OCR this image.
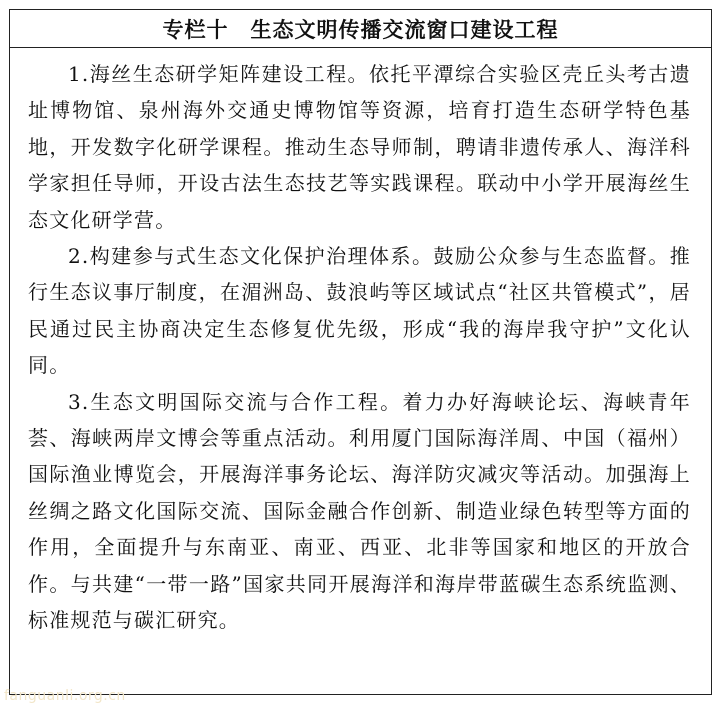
专栏十　生态文明传播交流窗口建设工程

1.海丝生态研学矩阵建设工程。依托平潭综合实验区壳丘头考古遗址博物馆、泉州海外交通史博物馆等资源，培育打造生态研学特色基地，开发数字化研学课程。推动生态导师制，聘请非遗传承人、海洋科学家担任导师，开设古法生态技艺等实践课程。联动中小学开展海丝生态文化研学营。

2.构建参与式生态文化保护治理体系。鼓励公众参与生态监督。推行生态议事厅制度，在湄洲岛、鼓浪屿等区域试点“社区共管模式”，居民通过民主协商决定生态修复优先级，形成“我的海岸我守护”文化认同。

3.生态文明国际交流与合作工程。着力办好海峡论坛、海峡青年荟、海峡两岸文博会等重点活动。利用厦门国际海洋周、中国（福州）国际渔业博览会，开展海洋事务论坛、海洋防灾减灾等活动。加强海上丝绸之路文化国际交流、国际金融合作创新、制造业绿色转型等方面的作用，全面提升与东南亚、南亚、西亚、北非等国家和地区的开放合作。与共建“一带一路”国家共同开展海洋和海岸带蓝碳生态系统监测、标准规范与碳汇研究。

fanguanli.org.cn
